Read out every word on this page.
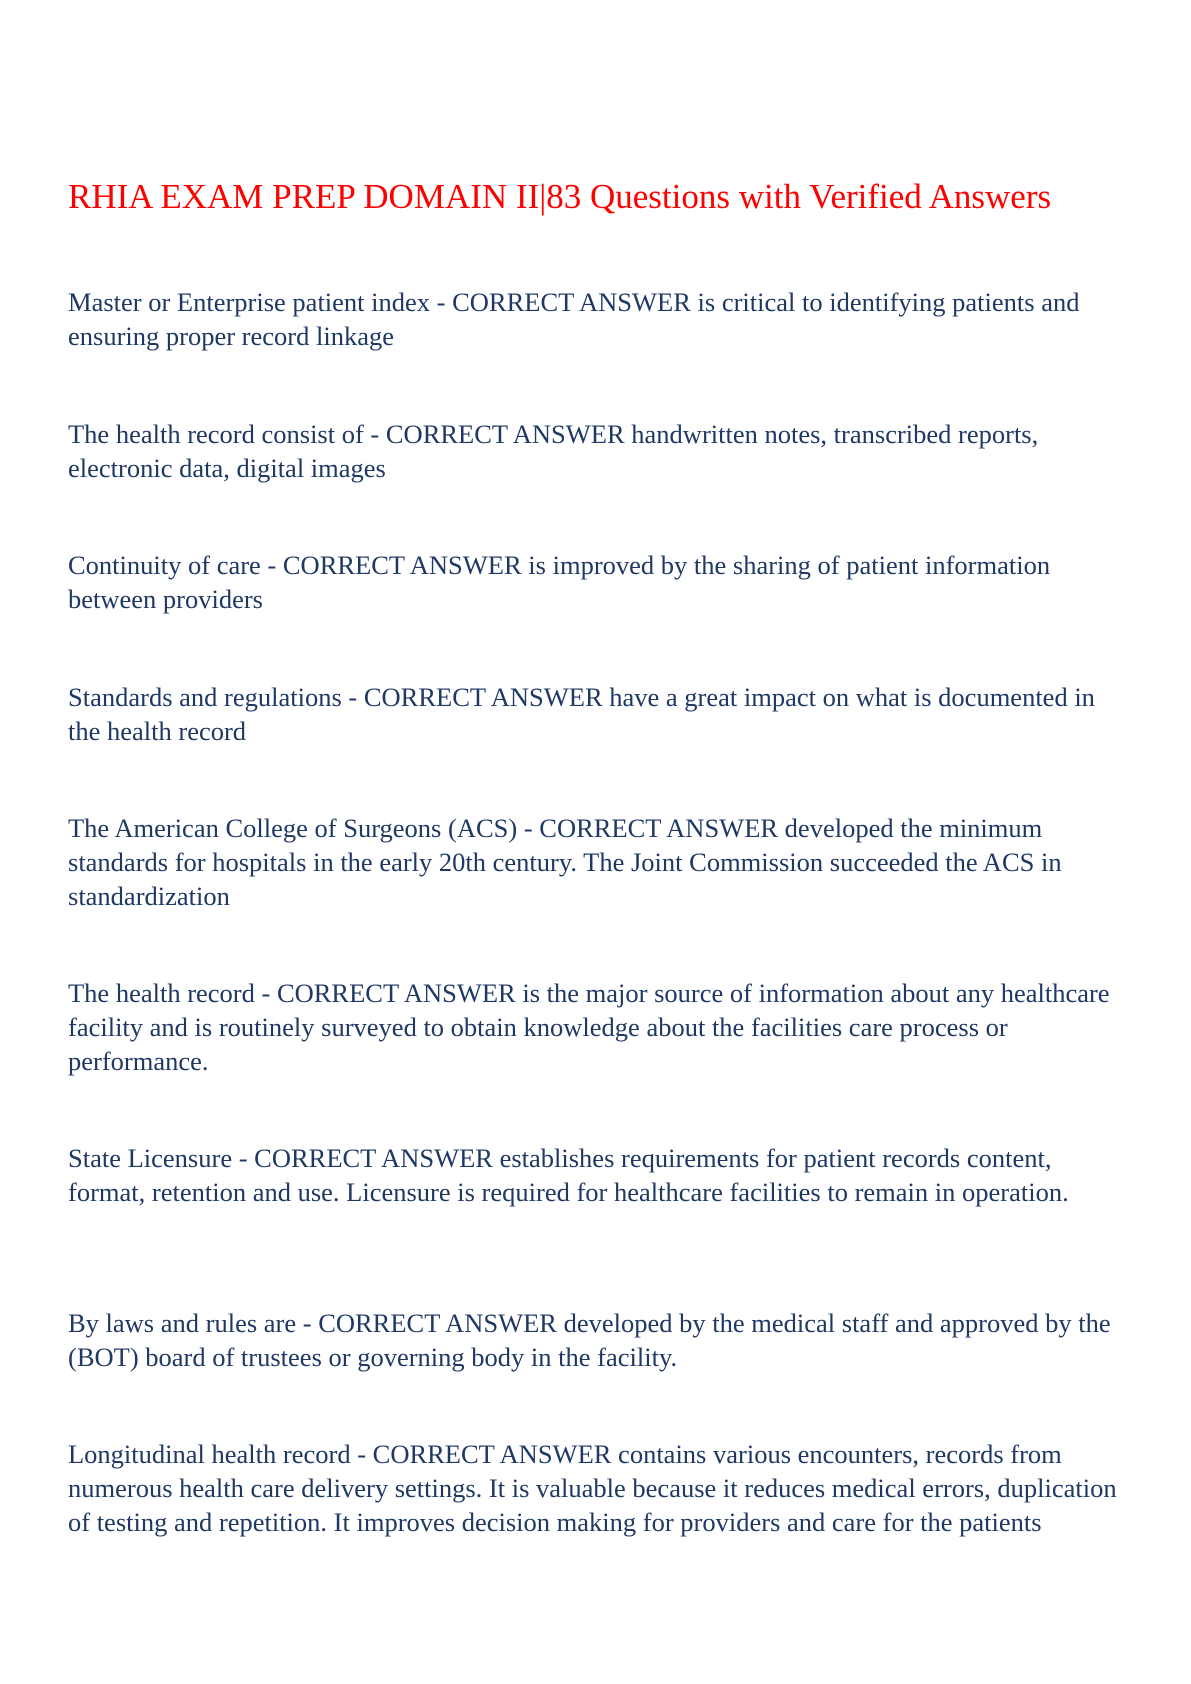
RHIA EXAM PREP DOMAIN II|83 Questions with Verified Answers

Master or Enterprise patient index - CORRECT ANSWER is critical to identifying patients and ensuring proper record linkage

The health record consist of - CORRECT ANSWER handwritten notes, transcribed reports, electronic data, digital images

Continuity of care - CORRECT ANSWER is improved by the sharing of patient information between providers

Standards and regulations - CORRECT ANSWER have a great impact on what is documented in the health record

The American College of Surgeons (ACS) - CORRECT ANSWER developed the minimum standards for hospitals in the early 20th century. The Joint Commission succeeded the ACS in standardization

The health record - CORRECT ANSWER is the major source of information about any healthcare facility and is routinely surveyed to obtain knowledge about the facilities care process or performance.

State Licensure - CORRECT ANSWER establishes requirements for patient records content, format, retention and use. Licensure is required for healthcare facilities to remain in operation.

By laws and rules are - CORRECT ANSWER developed by the medical staff and approved by the (BOT) board of trustees or governing body in the facility.

Longitudinal health record - CORRECT ANSWER contains various encounters, records from numerous health care delivery settings. It is valuable because it reduces medical errors, duplication of testing and repetition. It improves decision making for providers and care for the patients
